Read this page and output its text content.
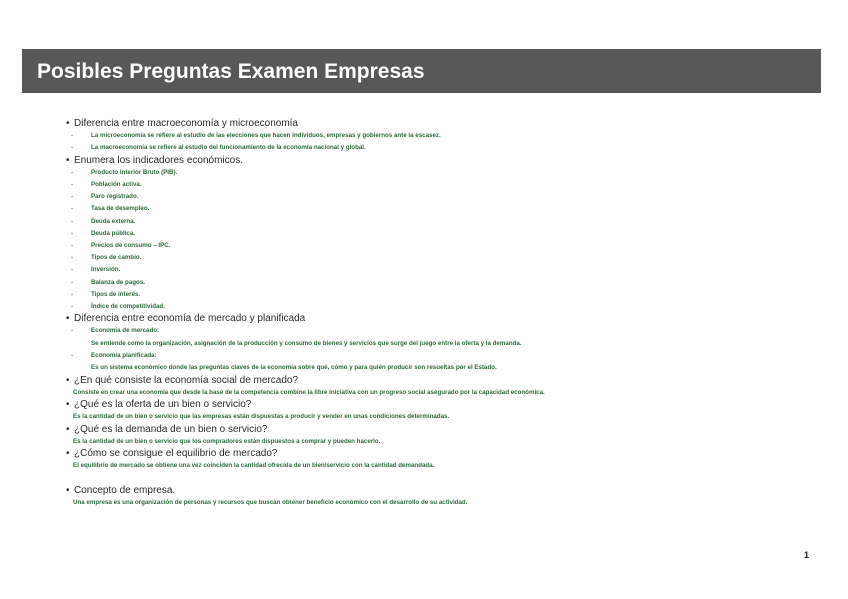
Posibles Preguntas Examen Empresas
• Diferencia entre macroeconomía y microeconomía
-	La microeconomía se refiere al estudio de las elecciones que hacen individuos, empresas y gobiernos ante la escasez.
-	La macroeconomía se refiere al estudio del funcionamiento de la economía nacional y global.
• Enumera los indicadores económicos.
-	Producto Interior Bruto (PIB).
-	Población activa.
-	Paro registrado.
-	Tasa de desempleo.
-	Deuda externa.
-	Deuda pública.
-	Precios de consumo – IPC.
-	Tipos de cambio.
-	Inversión.
-	Balanza de pagos.
-	Tipos de interés.
-	Índice de competitividad.
• Diferencia entre economía de mercado y planificada
-	Economía de mercado:
Se entiende como la organización, asignación de la producción y consumo de bienes y servicios que surge del juego entre la oferta y la demanda.
-	Economía planificada:
Es un sistema económico donde las preguntas claves de la economía sobre qué, cómo y para quién producir son resueltas por el Estado.
• ¿En qué consiste la economía social de mercado?
Consiste en crear una economía que desde la base de la competencia combine la libre iniciativa con un progreso social asegurado por la capacidad económica.
• ¿Qué es la oferta de un bien o servicio?
Es la cantidad de un bien o servicio que las empresas están dispuestas a producir y vender en unas condiciones determinadas.
• ¿Qué es la demanda de un bien o servicio?
Es la cantidad de un bien o servicio que los compradores están dispuestos a comprar y pueden hacerlo.
• ¿Cómo se consigue el equilibrio de mercado?
El equilibrio de mercado se obtiene una vez coinciden la cantidad ofrecida de un bien/servicio con la cantidad demandada.
• Concepto de empresa.
Una empresa es una organización de personas y recursos que buscan obtener beneficio económico con el desarrollo de su actividad.
1
